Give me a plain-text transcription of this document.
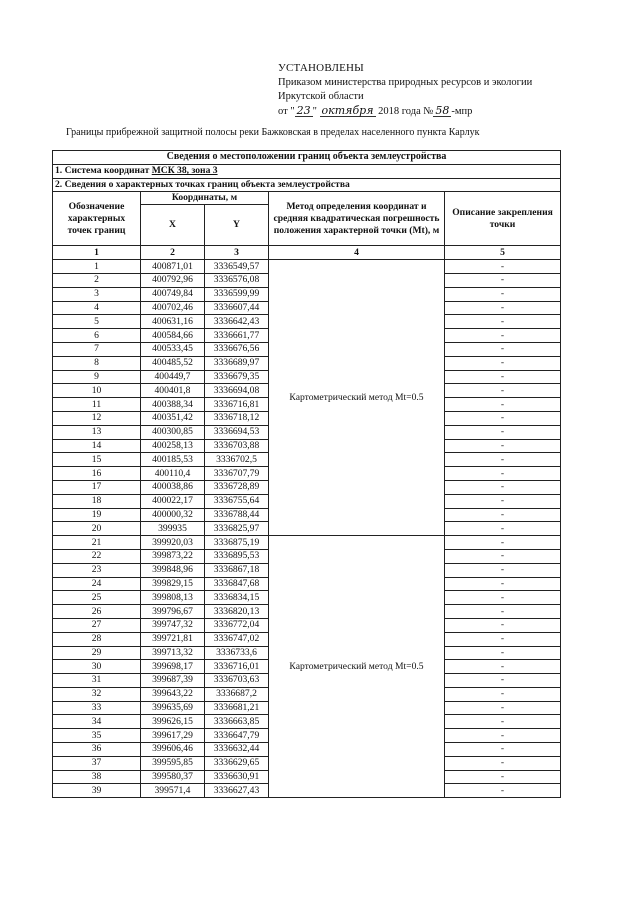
УСТАНОВЛЕНЫ
Приказом министерства природных ресурсов и экологии
Иркутской области
от " 23 " октября 2018 года № 58 -мпр
Границы прибрежной защитной полосы реки Бажковская в пределах населенного пункта Карлук
Сведения о местоположении границ объекта землеустройства				
1. Система координат МСК 38, зона 3				
2. Сведения о характерных точках границ объекта землеустройства				
Обозначение характерных точек границ	Координаты, м		Метод определения координат и средняя квадратическая погрешность положения характерной точки (Mt), м	Описание закрепления точки
	X	Y		
1	2	3	4	5
1	400871,01	3336549,57	Картометрический метод Mt=0.5	-
2	400792,96	3336576,08		-
3	400749,84	3336599,99		-
4	400702,46	3336607,44		-
5	400631,16	3336642,43		-
6	400584,66	3336661,77		-
7	400533,45	3336676,56		-
8	400485,52	3336689,97		-
9	400449,7	3336679,35		-
10	400401,8	3336694,08		-
11	400388,34	3336716,81		-
12	400351,42	3336718,12		-
13	400300,85	3336694,53		-
14	400258,13	3336703,88		-
15	400185,53	3336702,5		-
16	400110,4	3336707,79		-
17	400038,86	3336728,89		-
18	400022,17	3336755,64		-
19	400000,32	3336788,44		-
20	399935	3336825,97		-
21	399920,03	3336875,19	Картометрический метод Mt=0.5	-
22	399873,22	3336895,53		-
23	399848,96	3336867,18		-
24	399829,15	3336847,68		-
25	399808,13	3336834,15		-
26	399796,67	3336820,13		-
27	399747,32	3336772,04		-
28	399721,81	3336747,02		-
29	399713,32	3336733,6		-
30	399698,17	3336716,01		-
31	399687,39	3336703,63		-
32	399643,22	3336687,2		-
33	399635,69	3336681,21		-
34	399626,15	3336663,85		-
35	399617,29	3336647,79		-
36	399606,46	3336632,44		-
37	399595,85	3336629,65		-
38	399580,37	3336630,91		-
39	399571,4	3336627,43		-
